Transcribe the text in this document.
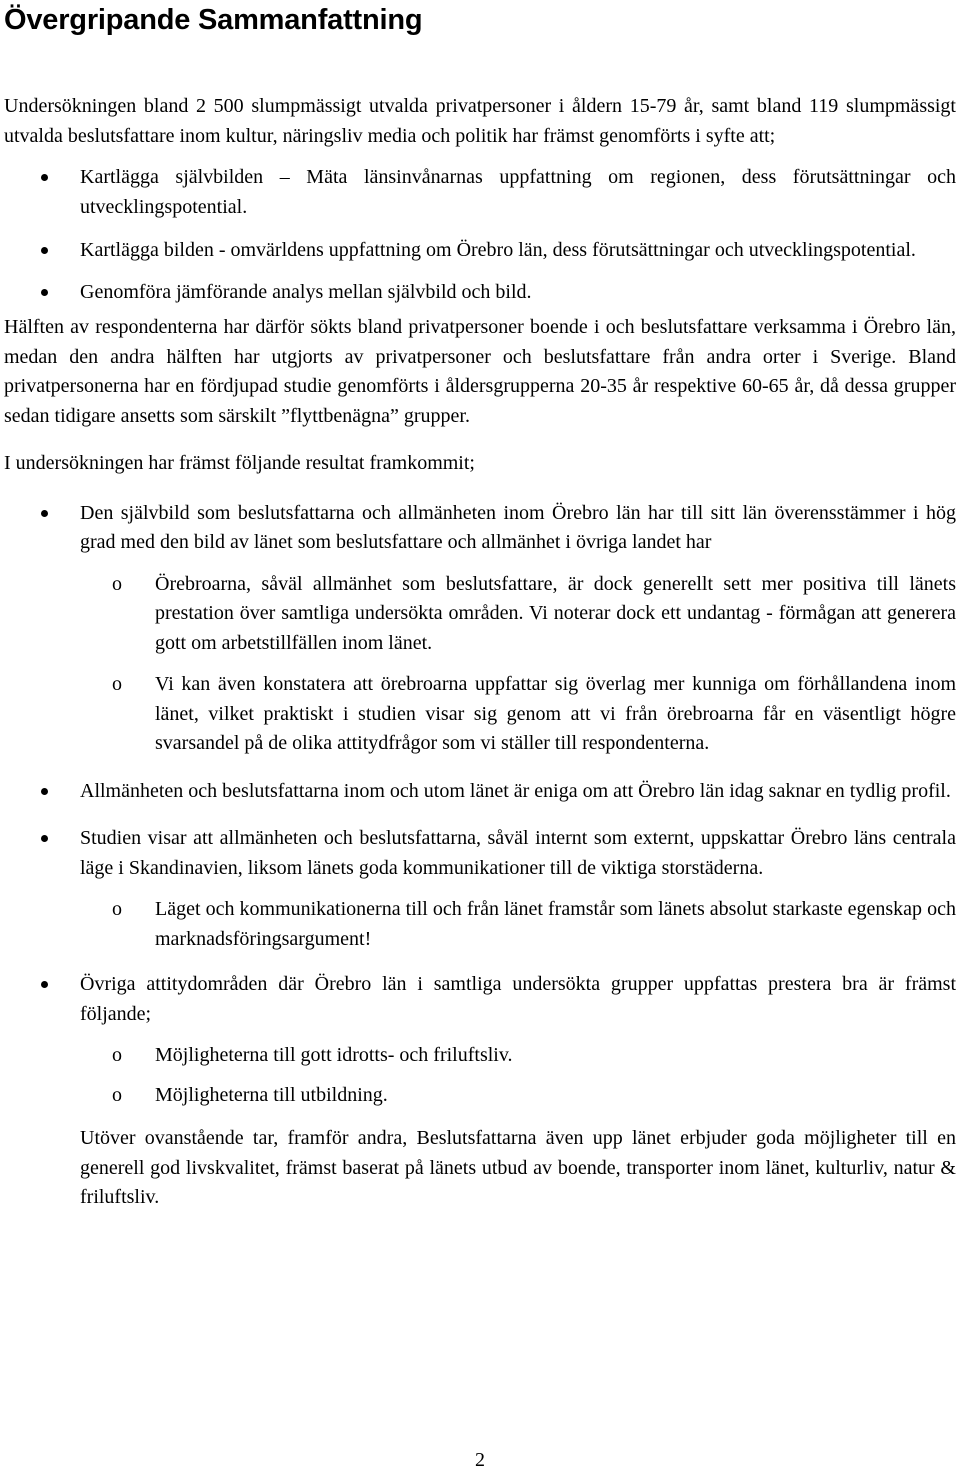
Övergripande Sammanfattning

Undersökningen bland 2 500 slumpmässigt utvalda privatpersoner i åldern 15-79 år, samt bland 119 slumpmässigt utvalda beslutsfattare inom kultur, näringsliv media och politik har främst genomförts i syfte att;

Kartlägga självbilden – Mäta länsinvånarnas uppfattning om regionen, dess förutsättningar och utvecklingspotential.
Kartlägga bilden - omvärldens uppfattning om Örebro län, dess förutsättningar och utvecklingspotential.
Genomföra jämförande analys mellan självbild och bild.

Hälften av respondenterna har därför sökts bland privatpersoner boende i och beslutsfattare verksamma i Örebro län, medan den andra hälften har utgjorts av privatpersoner och beslutsfattare från andra orter i Sverige. Bland privatpersonerna har en fördjupad studie genomförts i åldersgrupperna 20-35 år respektive 60-65 år, då dessa grupper sedan tidigare ansetts som särskilt ”flyttbenägna” grupper.

I undersökningen har främst följande resultat framkommit;

Den självbild som beslutsfattarna och allmänheten inom Örebro län har till sitt län överensstämmer i hög grad med den bild av länet som beslutsfattare och allmänhet i övriga landet har
o Örebroarna, såväl allmänhet som beslutsfattare, är dock generellt sett mer positiva till länets prestation över samtliga undersökta områden. Vi noterar dock ett undantag - förmågan att generera gott om arbetstillfällen inom länet.
o Vi kan även konstatera att örebroarna uppfattar sig överlag mer kunniga om förhållandena inom länet, vilket praktiskt i studien visar sig genom att vi från örebroarna får en väsentligt högre svarsandel på de olika attitydfrågor som vi ställer till respondenterna.
Allmänheten och beslutsfattarna inom och utom länet är eniga om att Örebro län idag saknar en tydlig profil.
Studien visar att allmänheten och beslutsfattarna, såväl internt som externt, uppskattar Örebro läns centrala läge i Skandinavien, liksom länets goda kommunikationer till de viktiga storstäderna.
o Läget och kommunikationerna till och från länet framstår som länets absolut starkaste egenskap och marknadsföringsargument!
Övriga attitydområden där Örebro län i samtliga undersökta grupper uppfattas prestera bra är främst följande;
o Möjligheterna till gott idrotts- och friluftsliv.
o Möjligheterna till utbildning.

Utöver ovanstående tar, framför andra, Beslutsfattarna även upp länet erbjuder goda möjligheter till en generell god livskvalitet, främst baserat på länets utbud av boende, transporter inom länet, kulturliv, natur & friluftsliv.

2
